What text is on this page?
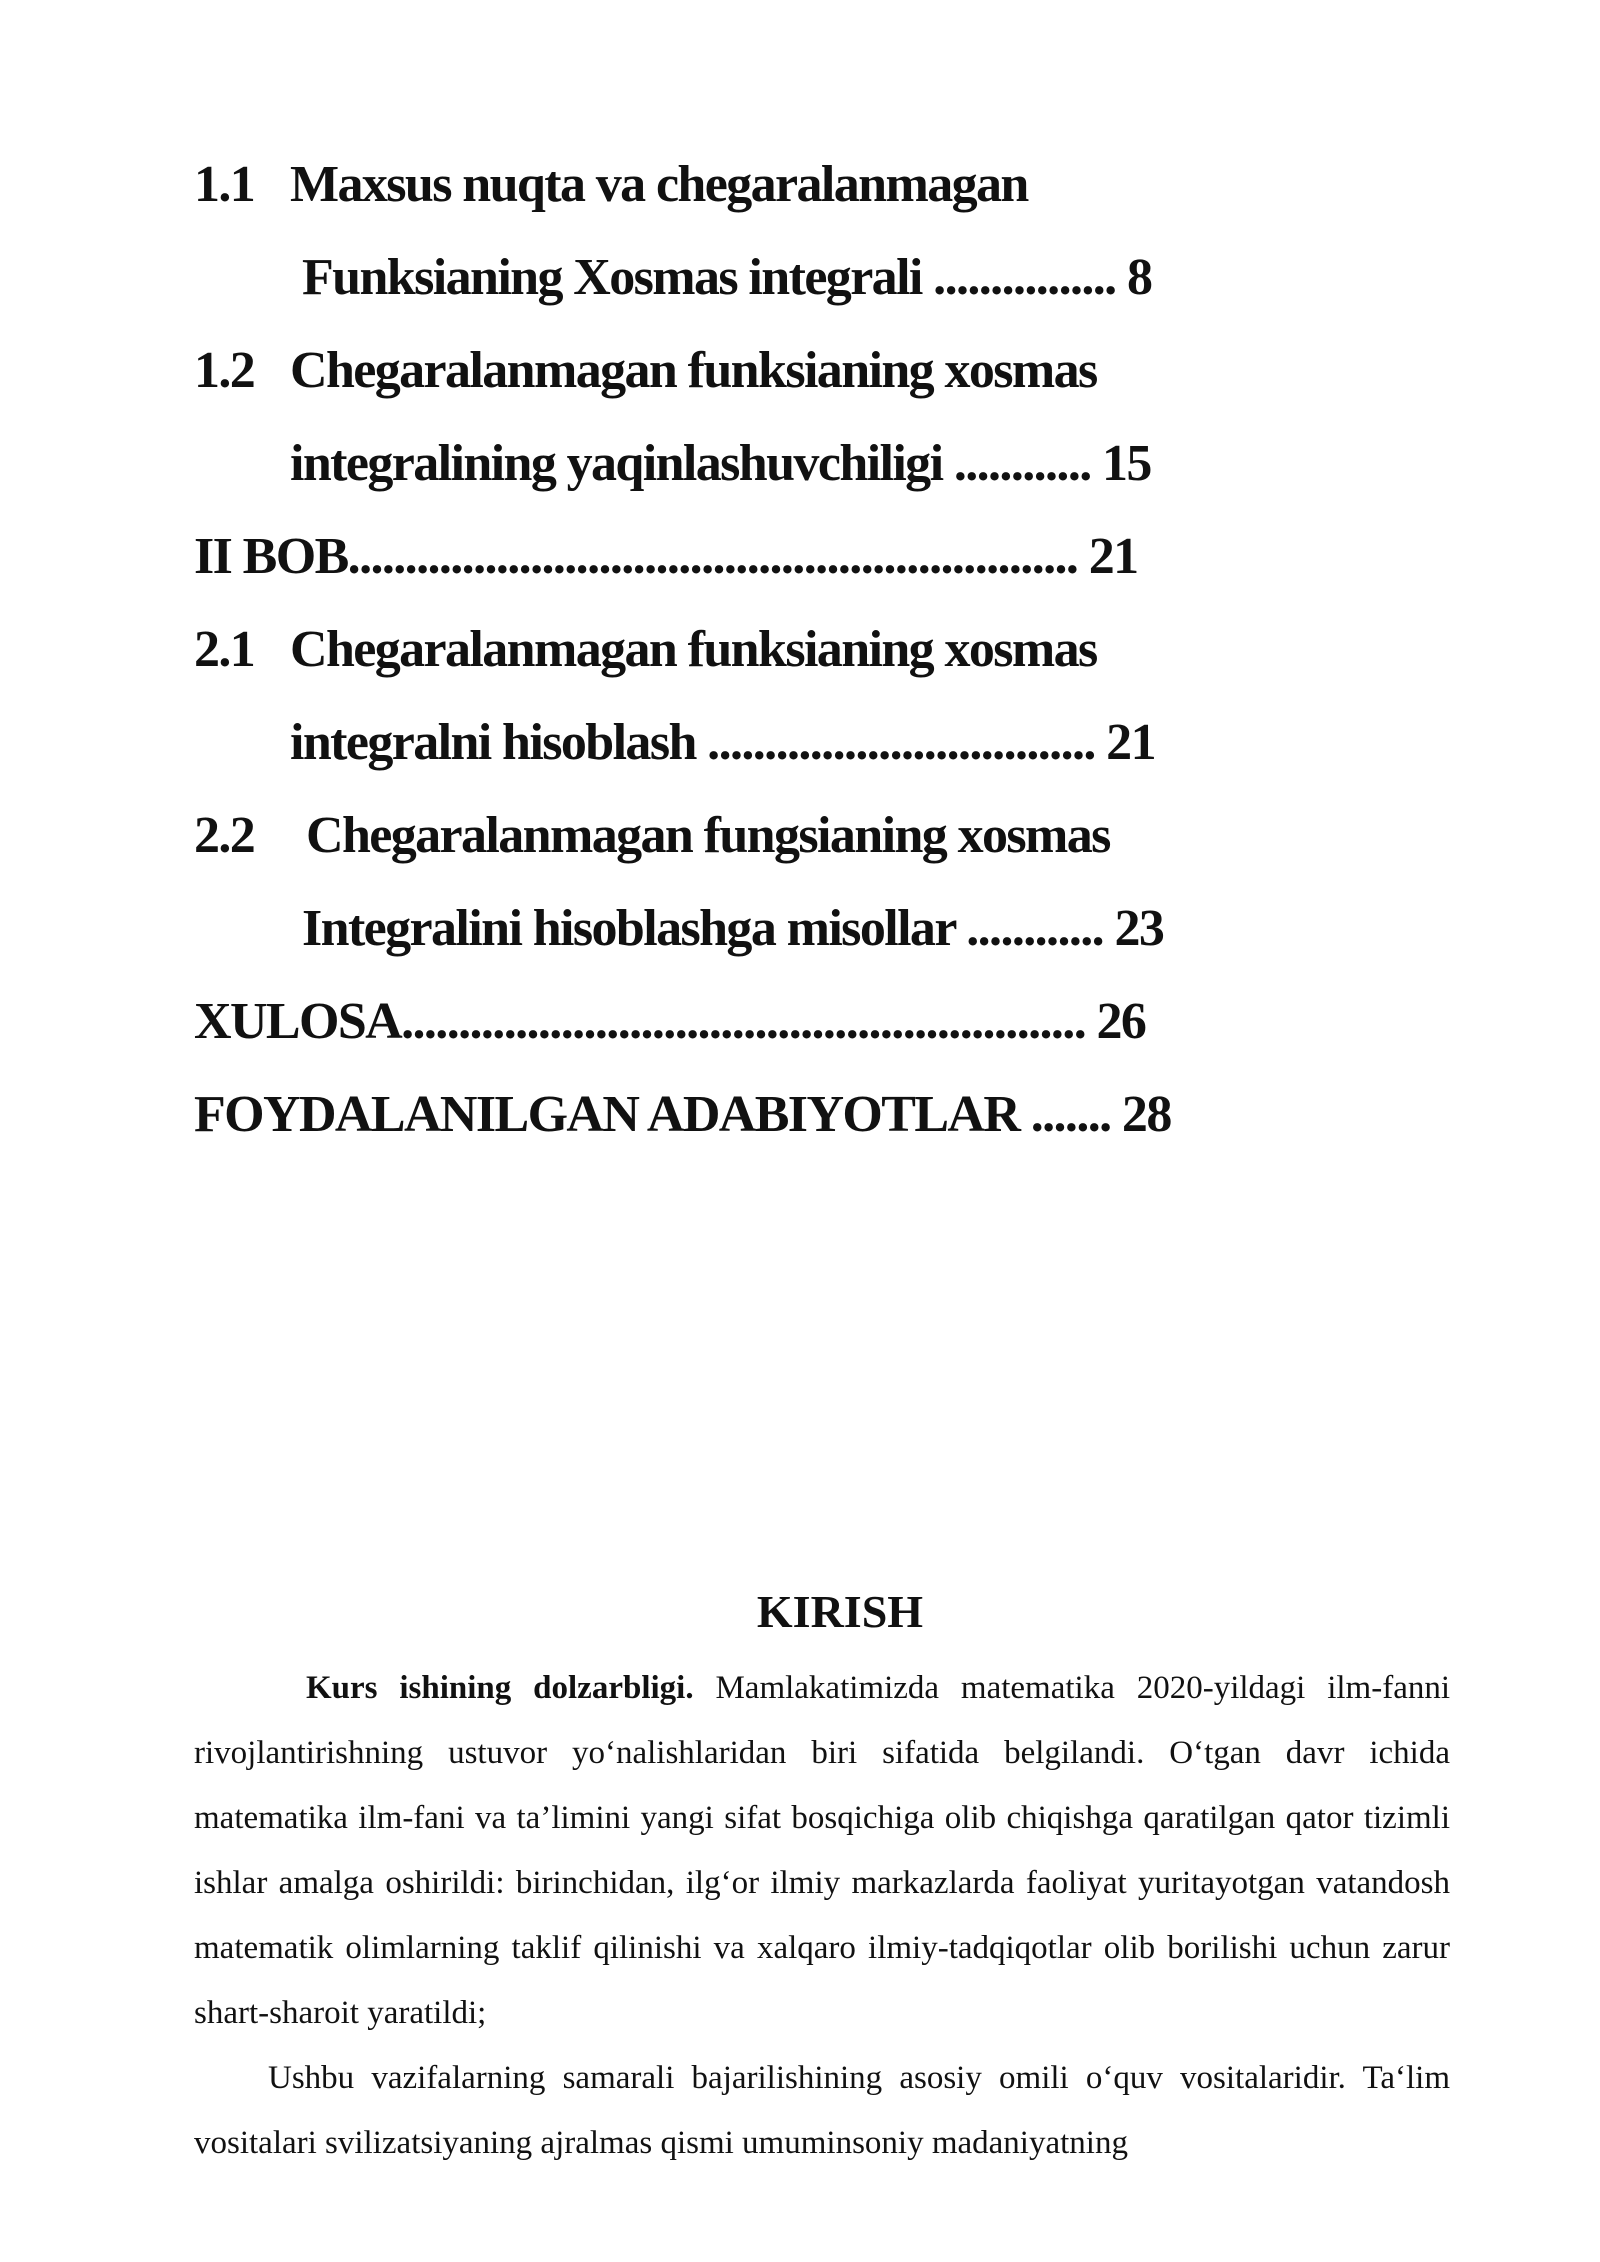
1.1 Maxsus nuqta va chegaralanmagan
Funksianing Xosmas integrali ................ 8
1.2 Chegaralanmagan funksianing xosmas
integralining yaqinlashuvchiligi ............ 15
II BOB................................................................ 21
2.1 Chegaralanmagan funksianing xosmas
integralni hisoblash .................................. 21
2.2 Chegaralanmagan fungsianing xosmas
Integralini hisoblashga misollar ............ 23
XULOSA............................................................ 26
FOYDALANILGAN ADABIYOTLAR ....... 28
KIRISH

Kurs ishining dolzarbligi. Mamlakatimizda matematika 2020-yildagi ilm-fanni rivojlantirishning ustuvor yo‘nalishlaridan biri sifatida belgilandi. O‘tgan davr ichida matematika ilm-fani va ta’limini yangi sifat bosqichiga olib chiqishga qaratilgan qator tizimli ishlar amalga oshirildi: birinchidan, ilg‘or ilmiy markazlarda faoliyat yuritayotgan vatandosh matematik olimlarning taklif qilinishi va xalqaro ilmiy-tadqiqotlar olib borilishi uchun zarur shart-sharoit yaratildi;

Ushbu vazifalarning samarali bajarilishining asosiy omili o‘quv vositalaridir. Ta‘lim vositalari svilizatsiyaning ajralmas qismi umuminsoniy madaniyatning
